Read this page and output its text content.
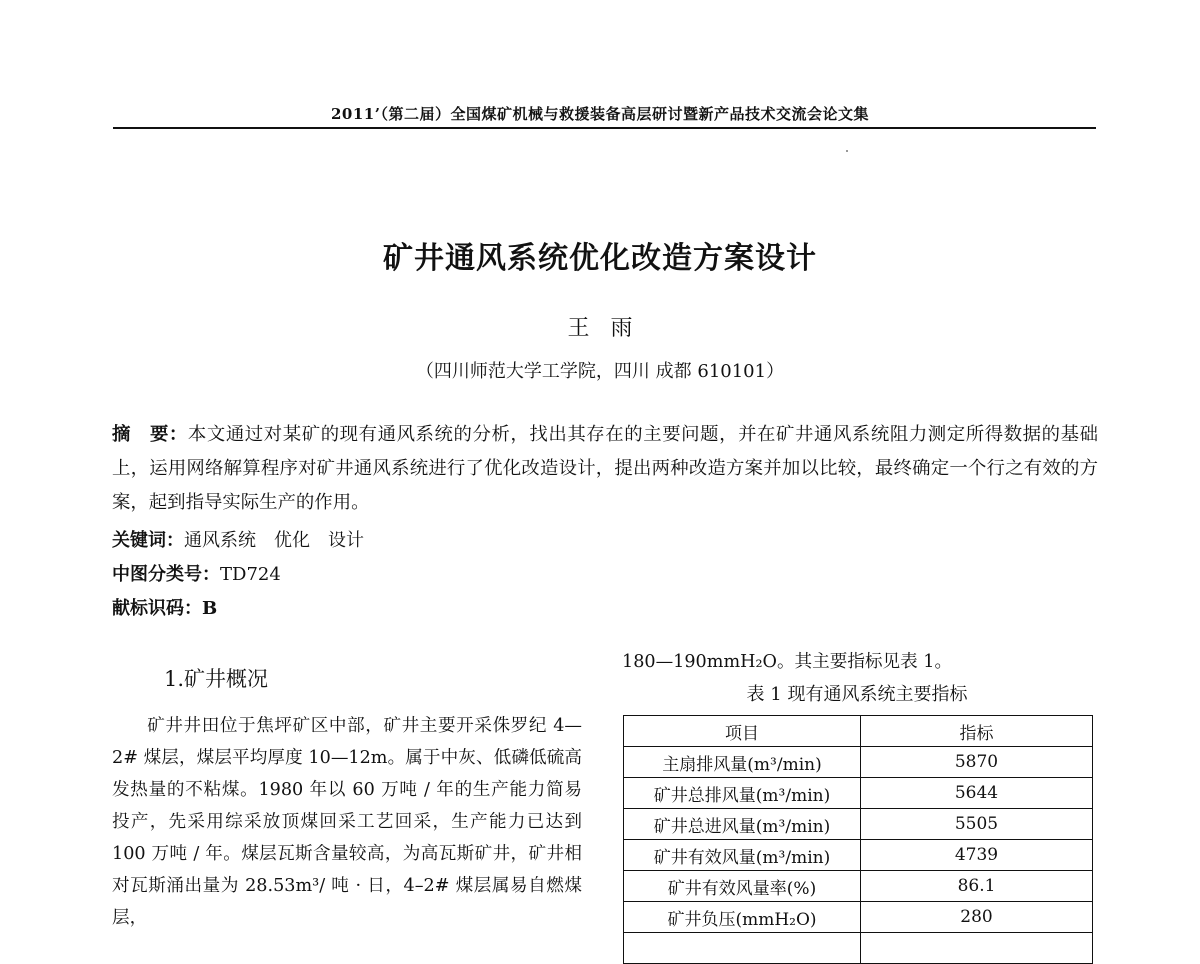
2011’（第二届）全国煤矿机械与救援装备高层研讨暨新产品技术交流会论文集
矿井通风系统优化改造方案设计
王 雨
（四川师范大学工学院，四川 成都 610101）
摘　要：本文通过对某矿的现有通风系统的分析，找出其存在的主要问题，并在矿井通风系统阻力测定所得数据的基础上，运用网络解算程序对矿井通风系统进行了优化改造设计，提出两种改造方案并加以比较，最终确定一个行之有效的方案，起到指导实际生产的作用。
关键词：通风系统　优化　设计
中图分类号：TD724
献标识码：B
1.矿井概况

矿井井田位于焦坪矿区中部，矿井主要开采侏罗纪 4—2# 煤层，煤层平均厚度 10—12m。属于中灰、低磷低硫高发热量的不粘煤。1980 年以 60 万吨 / 年的生产能力简易投产，先采用综采放顶煤回采工艺回采，生产能力已达到 100 万吨 / 年。煤层瓦斯含量较高，为高瓦斯矿井，矿井相对瓦斯涌出量为 28.53m³/ 吨 · 日，4–2# 煤层属易自燃煤层，

180—190mmH₂O。其主要指标见表 1。
表 1 现有通风系统主要指标
项目	指标
主扇排风量(m³/min)	5870
矿井总排风量(m³/min)	5644
矿井总进风量(m³/min)	5505
矿井有效风量(m³/min)	4739
矿井有效风量率(%)	86.1
矿井负压(mmH₂O)	280
